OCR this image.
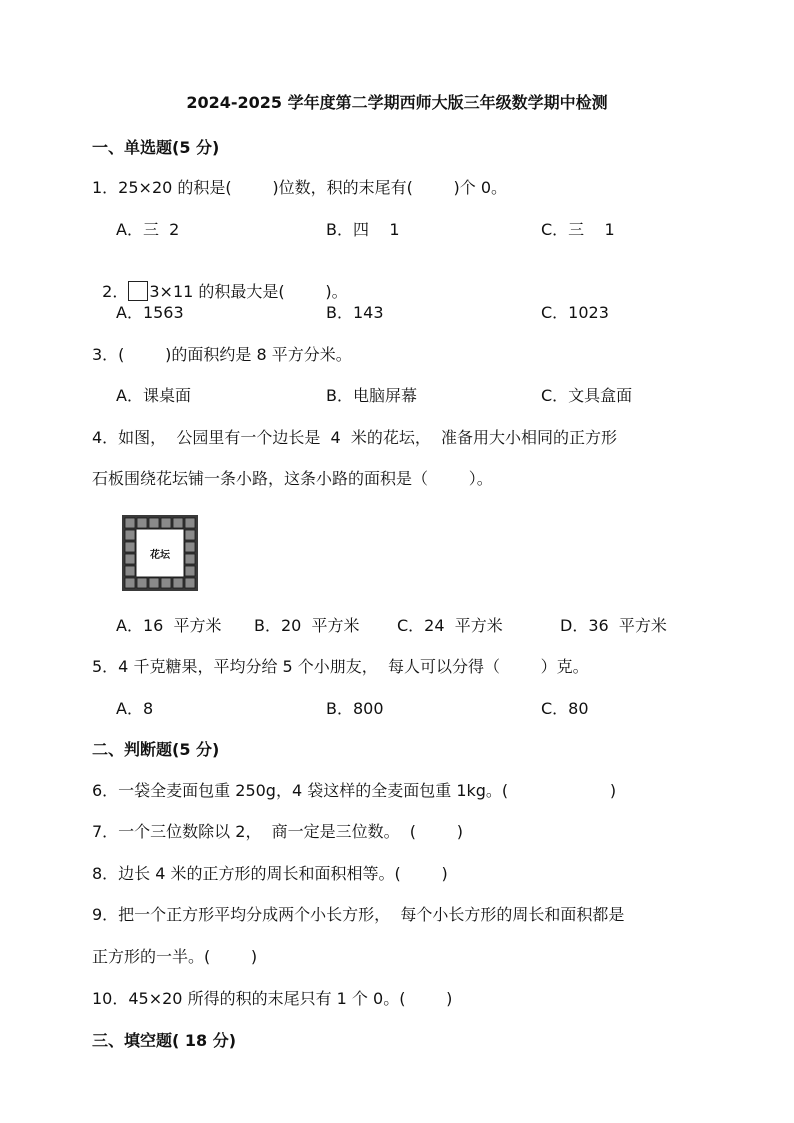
2024-2025 学年度第二学期西师大版三年级数学期中检测
一、单选题(5 分)
1．25×20 的积是(        )位数，积的末尾有(        )个 0。
A．三  2	B．四    1	C．三    1

2． 3×11 的积最大是(        )。

A．1563	B．143	C．1023
3．(        )的面积约是 8 平方分米。
A．课桌面	B．电脑屏幕	C．文具盒面
4．如图，  公园里有一个边长是  4  米的花坛，  准备用大小相同的正方形
石板围绕花坛铺一条小路，这条小路的面积是（        ）。
花坛
A．16  平方米 B．20  平方米 C．24  平方米	D．36  平方米
5．4 千克糖果，平均分给 5 个小朋友，  每人可以分得（        ）克。
A．8	B．800	C．80
二、判断题(5 分)
6．一袋全麦面包重 250g，4 袋这样的全麦面包重 1kg。(                    )
7．一个三位数除以 2，  商一定是三位数。  (        )
8．边长 4 米的正方形的周长和面积相等。(        )
9．把一个正方形平均分成两个小长方形，  每个小长方形的周长和面积都是
正方形的一半。(        )
10．45×20 所得的积的末尾只有 1 个 0。(        )
三、填空题( 18 分)
